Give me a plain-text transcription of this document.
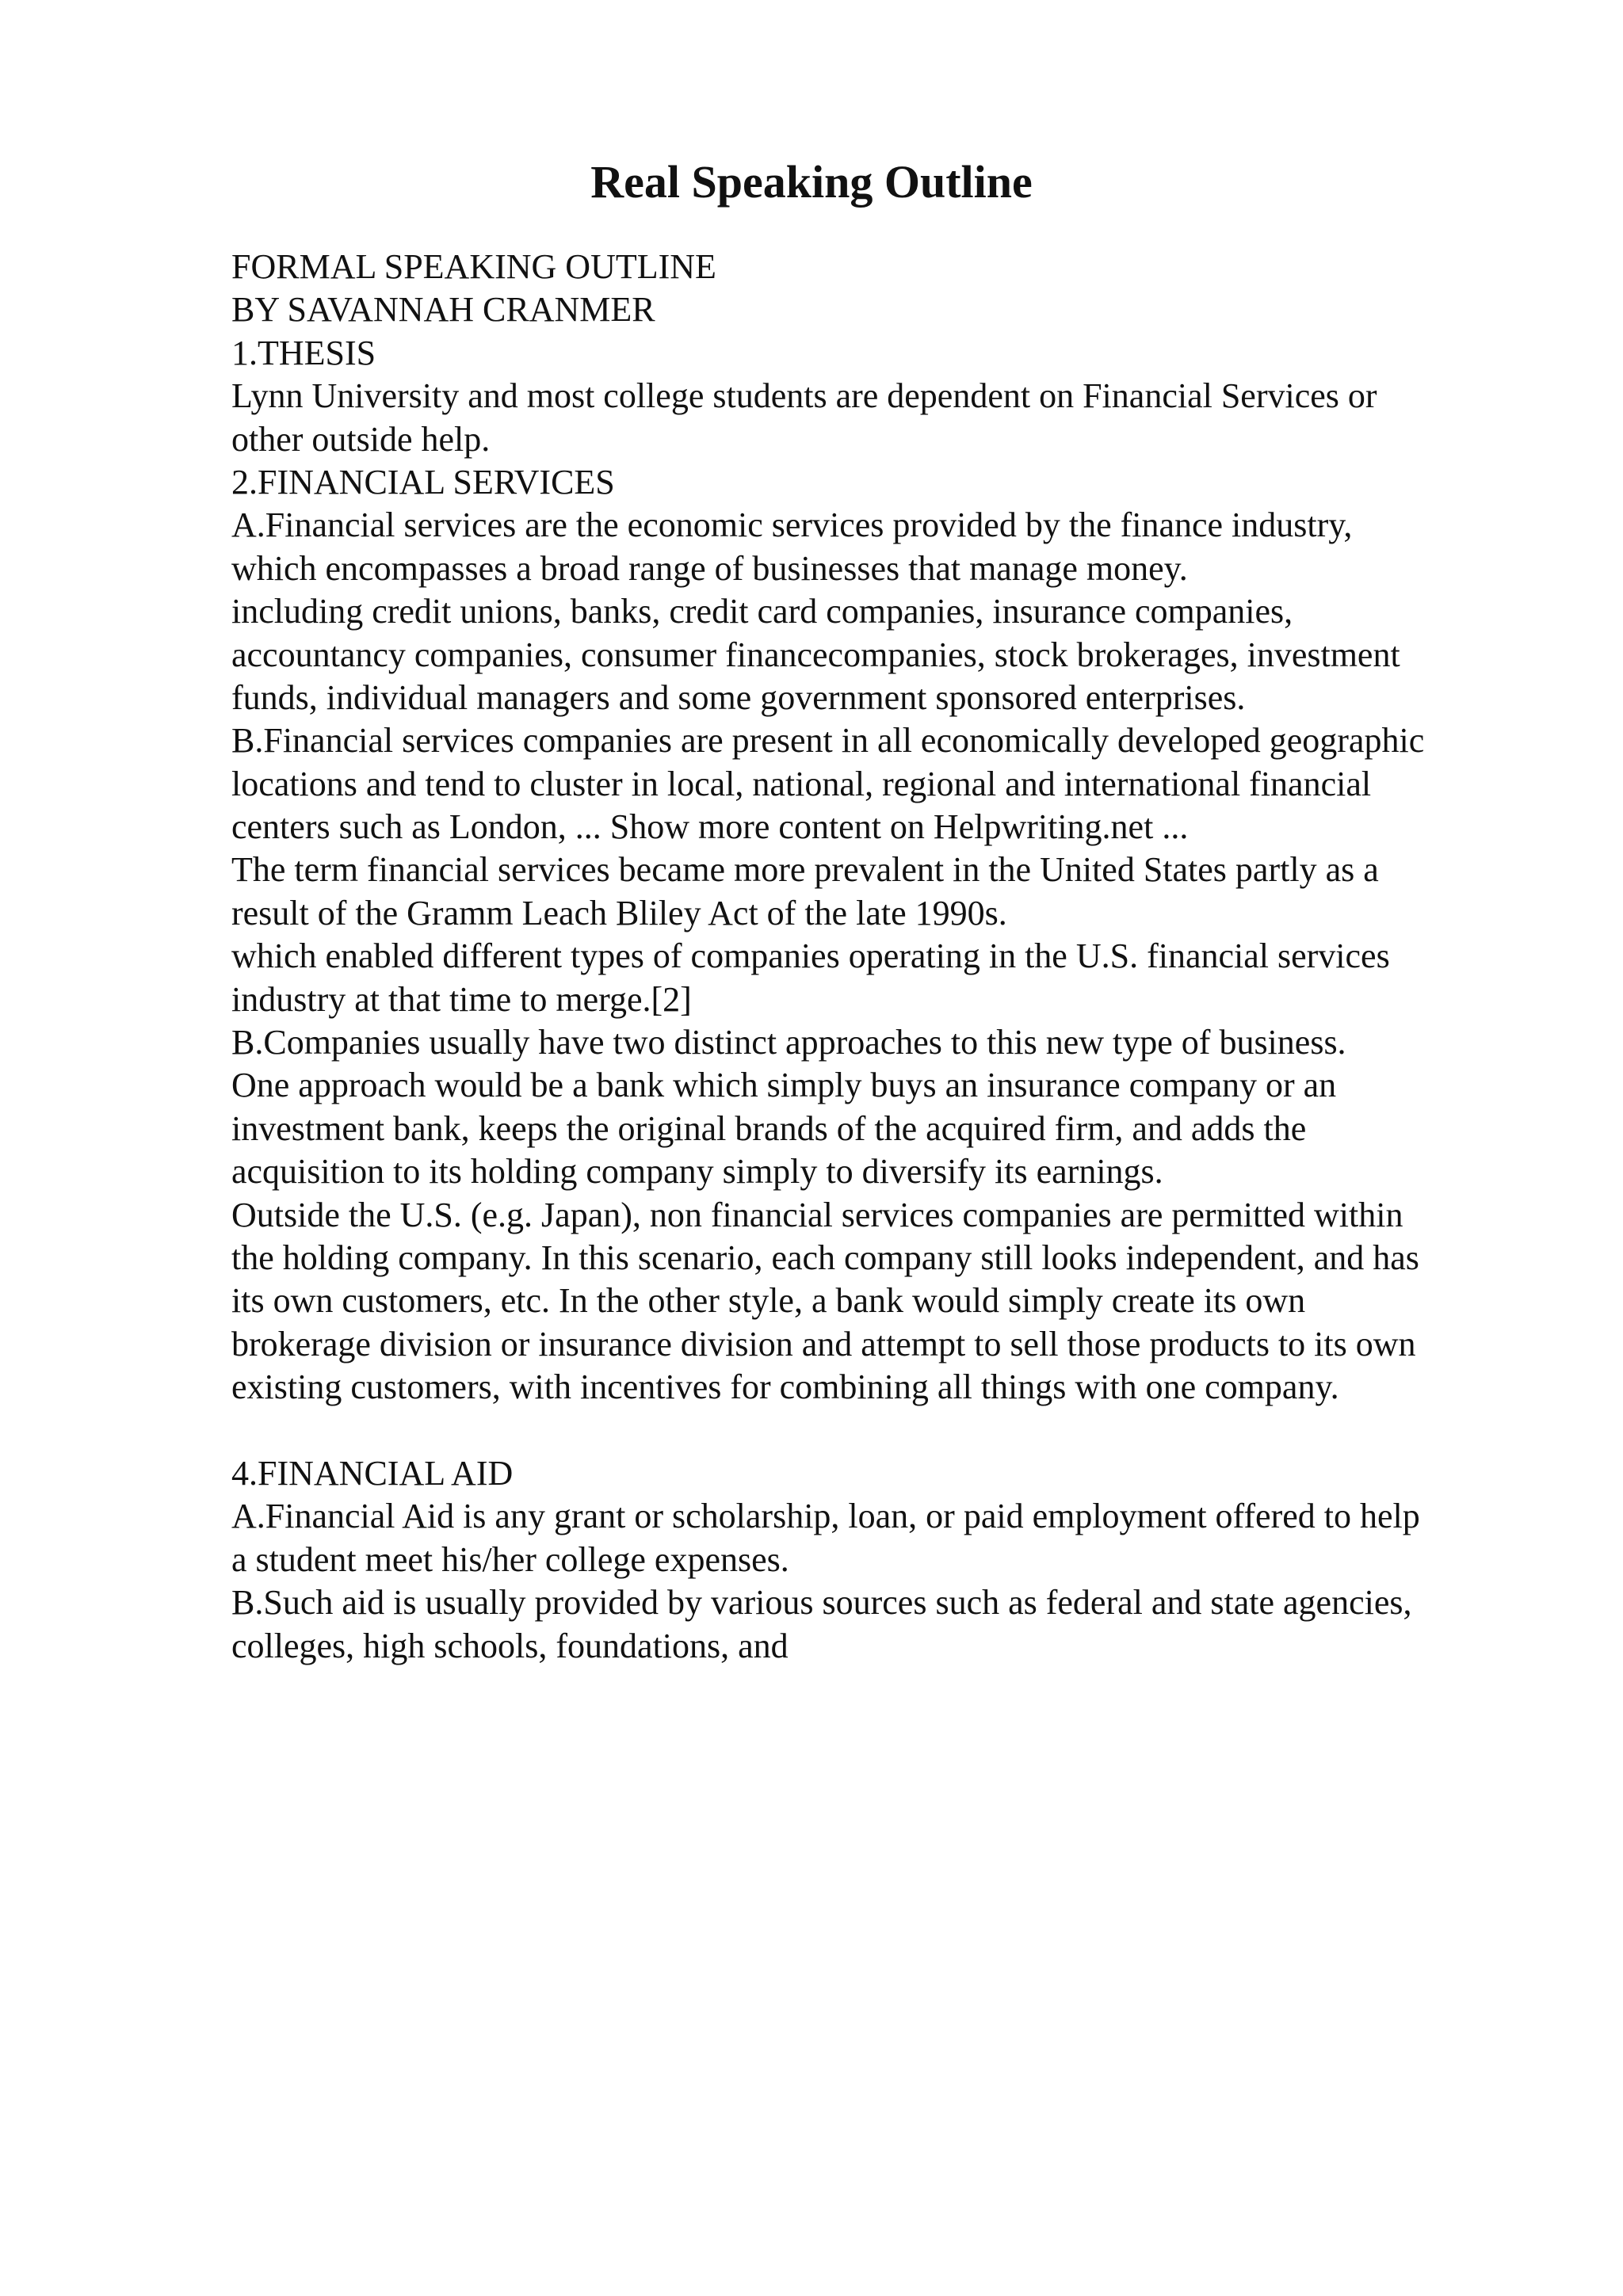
Real Speaking Outline

FORMAL SPEAKING OUTLINE

BY SAVANNAH CRANMER

1.THESIS

Lynn University and most college students are dependent on Financial Services or

other outside help.

2.FINANCIAL SERVICES

A.Financial services are the economic services provided by the finance industry,

which encompasses a broad range of businesses that manage money.

including credit unions, banks, credit card companies, insurance companies,

accountancy companies, consumer financecompanies, stock brokerages, investment

funds, individual managers and some government sponsored enterprises.

B.Financial services companies are present in all economically developed geographic

locations and tend to cluster in local, national, regional and international financial

centers such as London, ... Show more content on Helpwriting.net ...

The term financial services became more prevalent in the United States partly as a

result of the Gramm Leach Bliley Act of the late 1990s.

which enabled different types of companies operating in the U.S. financial services

industry at that time to merge.[2]

B.Companies usually have two distinct approaches to this new type of business.

One approach would be a bank which simply buys an insurance company or an

investment bank, keeps the original brands of the acquired firm, and adds the

acquisition to its holding company simply to diversify its earnings.

Outside the U.S. (e.g. Japan), non financial services companies are permitted within

the holding company. In this scenario, each company still looks independent, and has

its own customers, etc. In the other style, a bank would simply create its own

brokerage division or insurance division and attempt to sell those products to its own

existing customers, with incentives for combining all things with one company.

4.FINANCIAL AID

A.Financial Aid is any grant or scholarship, loan, or paid employment offered to help

a student meet his/her college expenses.

B.Such aid is usually provided by various sources such as federal and state agencies,

colleges, high schools, foundations, and
